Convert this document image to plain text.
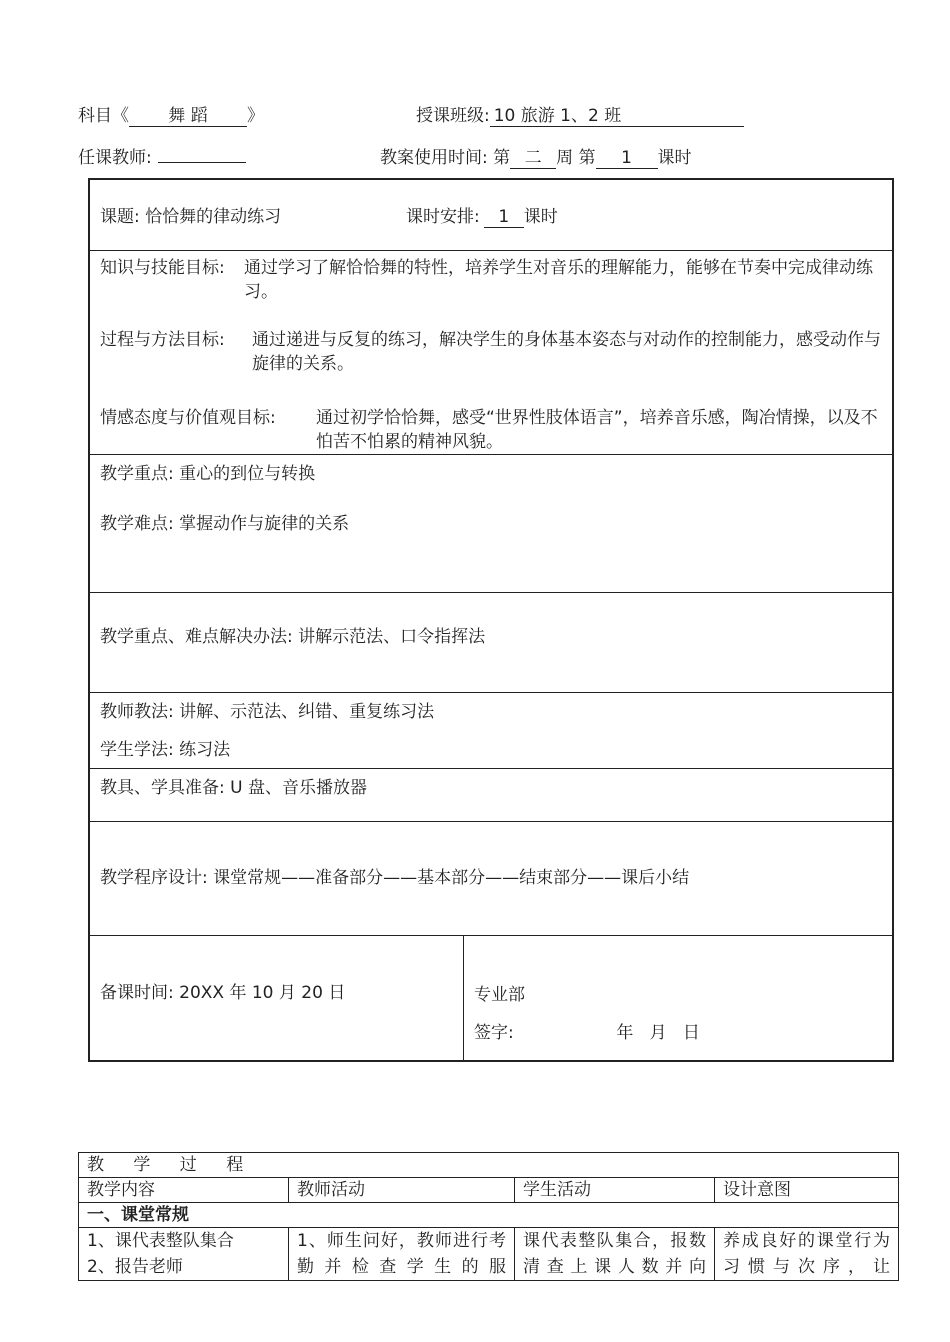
科目《 舞 蹈 》	授课班级: 10 旅游 1、2 班
任课教师:	教案使用时间: 第 二 周 第 1 课时
课题: 恰恰舞的律动练习	课时安排: 1 课时
知识与技能目标: 通过学习了解恰恰舞的特性，培养学生对音乐的理解能力，能够在节奏中完成律动练习。
过程与方法目标: 通过递进与反复的练习，解决学生的身体基本姿态与对动作的控制能力，感受动作与旋律的关系。
情感态度与价值观目标: 通过初学恰恰舞，感受“世界性肢体语言”，培养音乐感，陶冶情操，以及不怕苦不怕累的精神风貌。
教学重点: 重心的到位与转换
教学难点: 掌握动作与旋律的关系
教学重点、难点解决办法: 讲解示范法、口令指挥法
教师教法: 讲解、示范法、纠错、重复练习法
学生学法: 练习法
教具、学具准备: U 盘、音乐播放器
教学程序设计: 课堂常规——准备部分——基本部分——结束部分——课后小结
备课时间: 20XX 年 10 月 20 日	专业部
签字:                   年   月   日
教 学 过 程			
教学内容	教师活动	学生活动	设计意图
一、课堂常规			

1、课代表整队集合
2、报告老师	1、师生问好，教师进行考勤并检查学生的服	课代表整队集合，报数清查上课人数并向	养成良好的课堂行为习惯与次序，让
